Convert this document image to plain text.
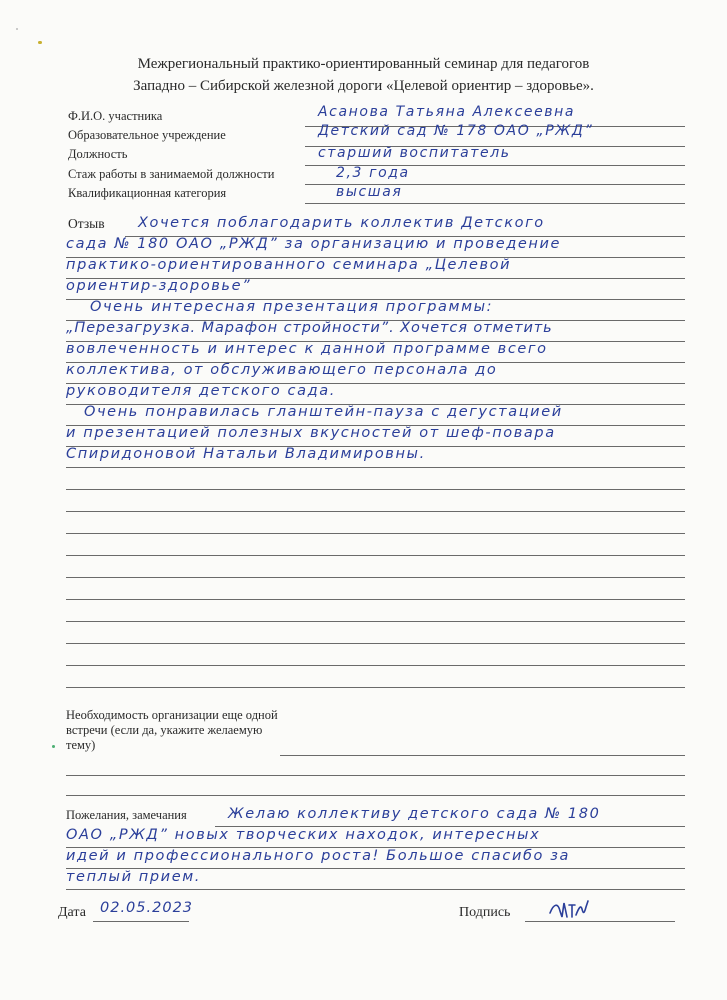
Межрегиональный практико-ориентированный семинар для педагогов
Западно – Сибирской железной дороги «Целевой ориентир – здоровье».
Ф.И.О. участника	Асанова Татьяна Алексеевна
Образовательное учреждение	Детский сад № 178 ОАО „РЖД”
Должность	старший воспитатель
Стаж работы в занимаемой должности	2,3 года
Квалификационная категория	высшая
Отзыв Хочется поблагодарить коллектив Детского
сада № 180 ОАО „РЖД” за организацию и проведение
практико-ориентированного семинара „Целевой
ориентир-здоровье”
Очень интересная презентация программы:
„Перезагрузка. Марафон стройности”. Хочется отметить
вовлеченность и интерес к данной программе всего
коллектива, от обслуживающего персонала до
руководителя детского сада.
Очень понравилась гланштейн-паузa с дегустацией
и презентацией полезных вкусностей от шеф-повара
Спиридоновой Натальи Владимировны.
Необходимость организации еще одной встречи (если да, укажите желаемую тему)
Пожелания, замечания	Желаю коллективу детского сада № 180
ОАО „РЖД” новых творческих находок, интересных
идей и профессионального роста! Большое спасибо за
теплый прием.
Дата 02.05.2023	Подпись
